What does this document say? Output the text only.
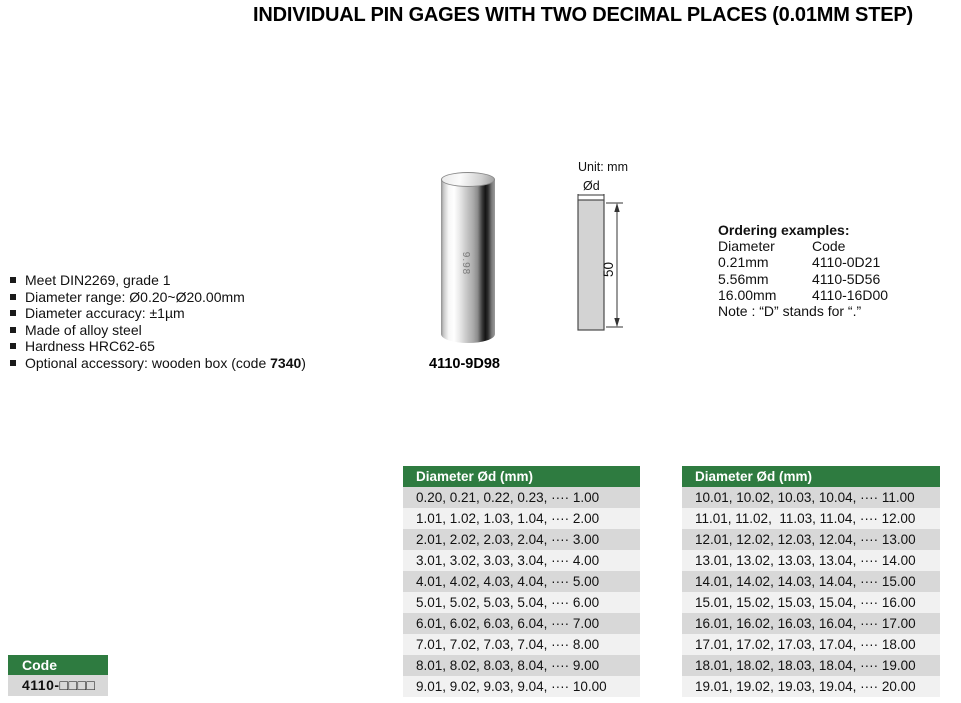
INDIVIDUAL PIN GAGES WITH TWO DECIMAL PLACES (0.01MM STEP)
Meet DIN2269, grade 1
Diameter range: Ø0.20~Ø20.00mm
Diameter accuracy: ±1µm
Made of alloy steel
Hardness HRC62-65
Optional accessory: wooden box (code 7340)
9.98
4110-9D98
Unit: mm
Ød
50
Ordering examples:
Diameter	Code
0.21mm	4110-0D21
5.56mm	4110-5D56
16.00mm	4110-16D00
Note : “D” stands for “.”
Diameter Ød (mm)
0.20, 0.21, 0.22, 0.23, ···· 1.00
1.01, 1.02, 1.03, 1.04, ···· 2.00
2.01, 2.02, 2.03, 2.04, ···· 3.00
3.01, 3.02, 3.03, 3.04, ···· 4.00
4.01, 4.02, 4.03, 4.04, ···· 5.00
5.01, 5.02, 5.03, 5.04, ···· 6.00
6.01, 6.02, 6.03, 6.04, ···· 7.00
7.01, 7.02, 7.03, 7.04, ···· 8.00
8.01, 8.02, 8.03, 8.04, ···· 9.00
9.01, 9.02, 9.03, 9.04, ···· 10.00
Diameter Ød (mm)
10.01, 10.02, 10.03, 10.04, ···· 11.00
11.01, 11.02,  11.03, 11.04, ···· 12.00
12.01, 12.02, 12.03, 12.04, ···· 13.00
13.01, 13.02, 13.03, 13.04, ···· 14.00
14.01, 14.02, 14.03, 14.04, ···· 15.00
15.01, 15.02, 15.03, 15.04, ···· 16.00
16.01, 16.02, 16.03, 16.04, ···· 17.00
17.01, 17.02, 17.03, 17.04, ···· 18.00
18.01, 18.02, 18.03, 18.04, ···· 19.00
19.01, 19.02, 19.03, 19.04, ···· 20.00
Code
4110-□□□□
